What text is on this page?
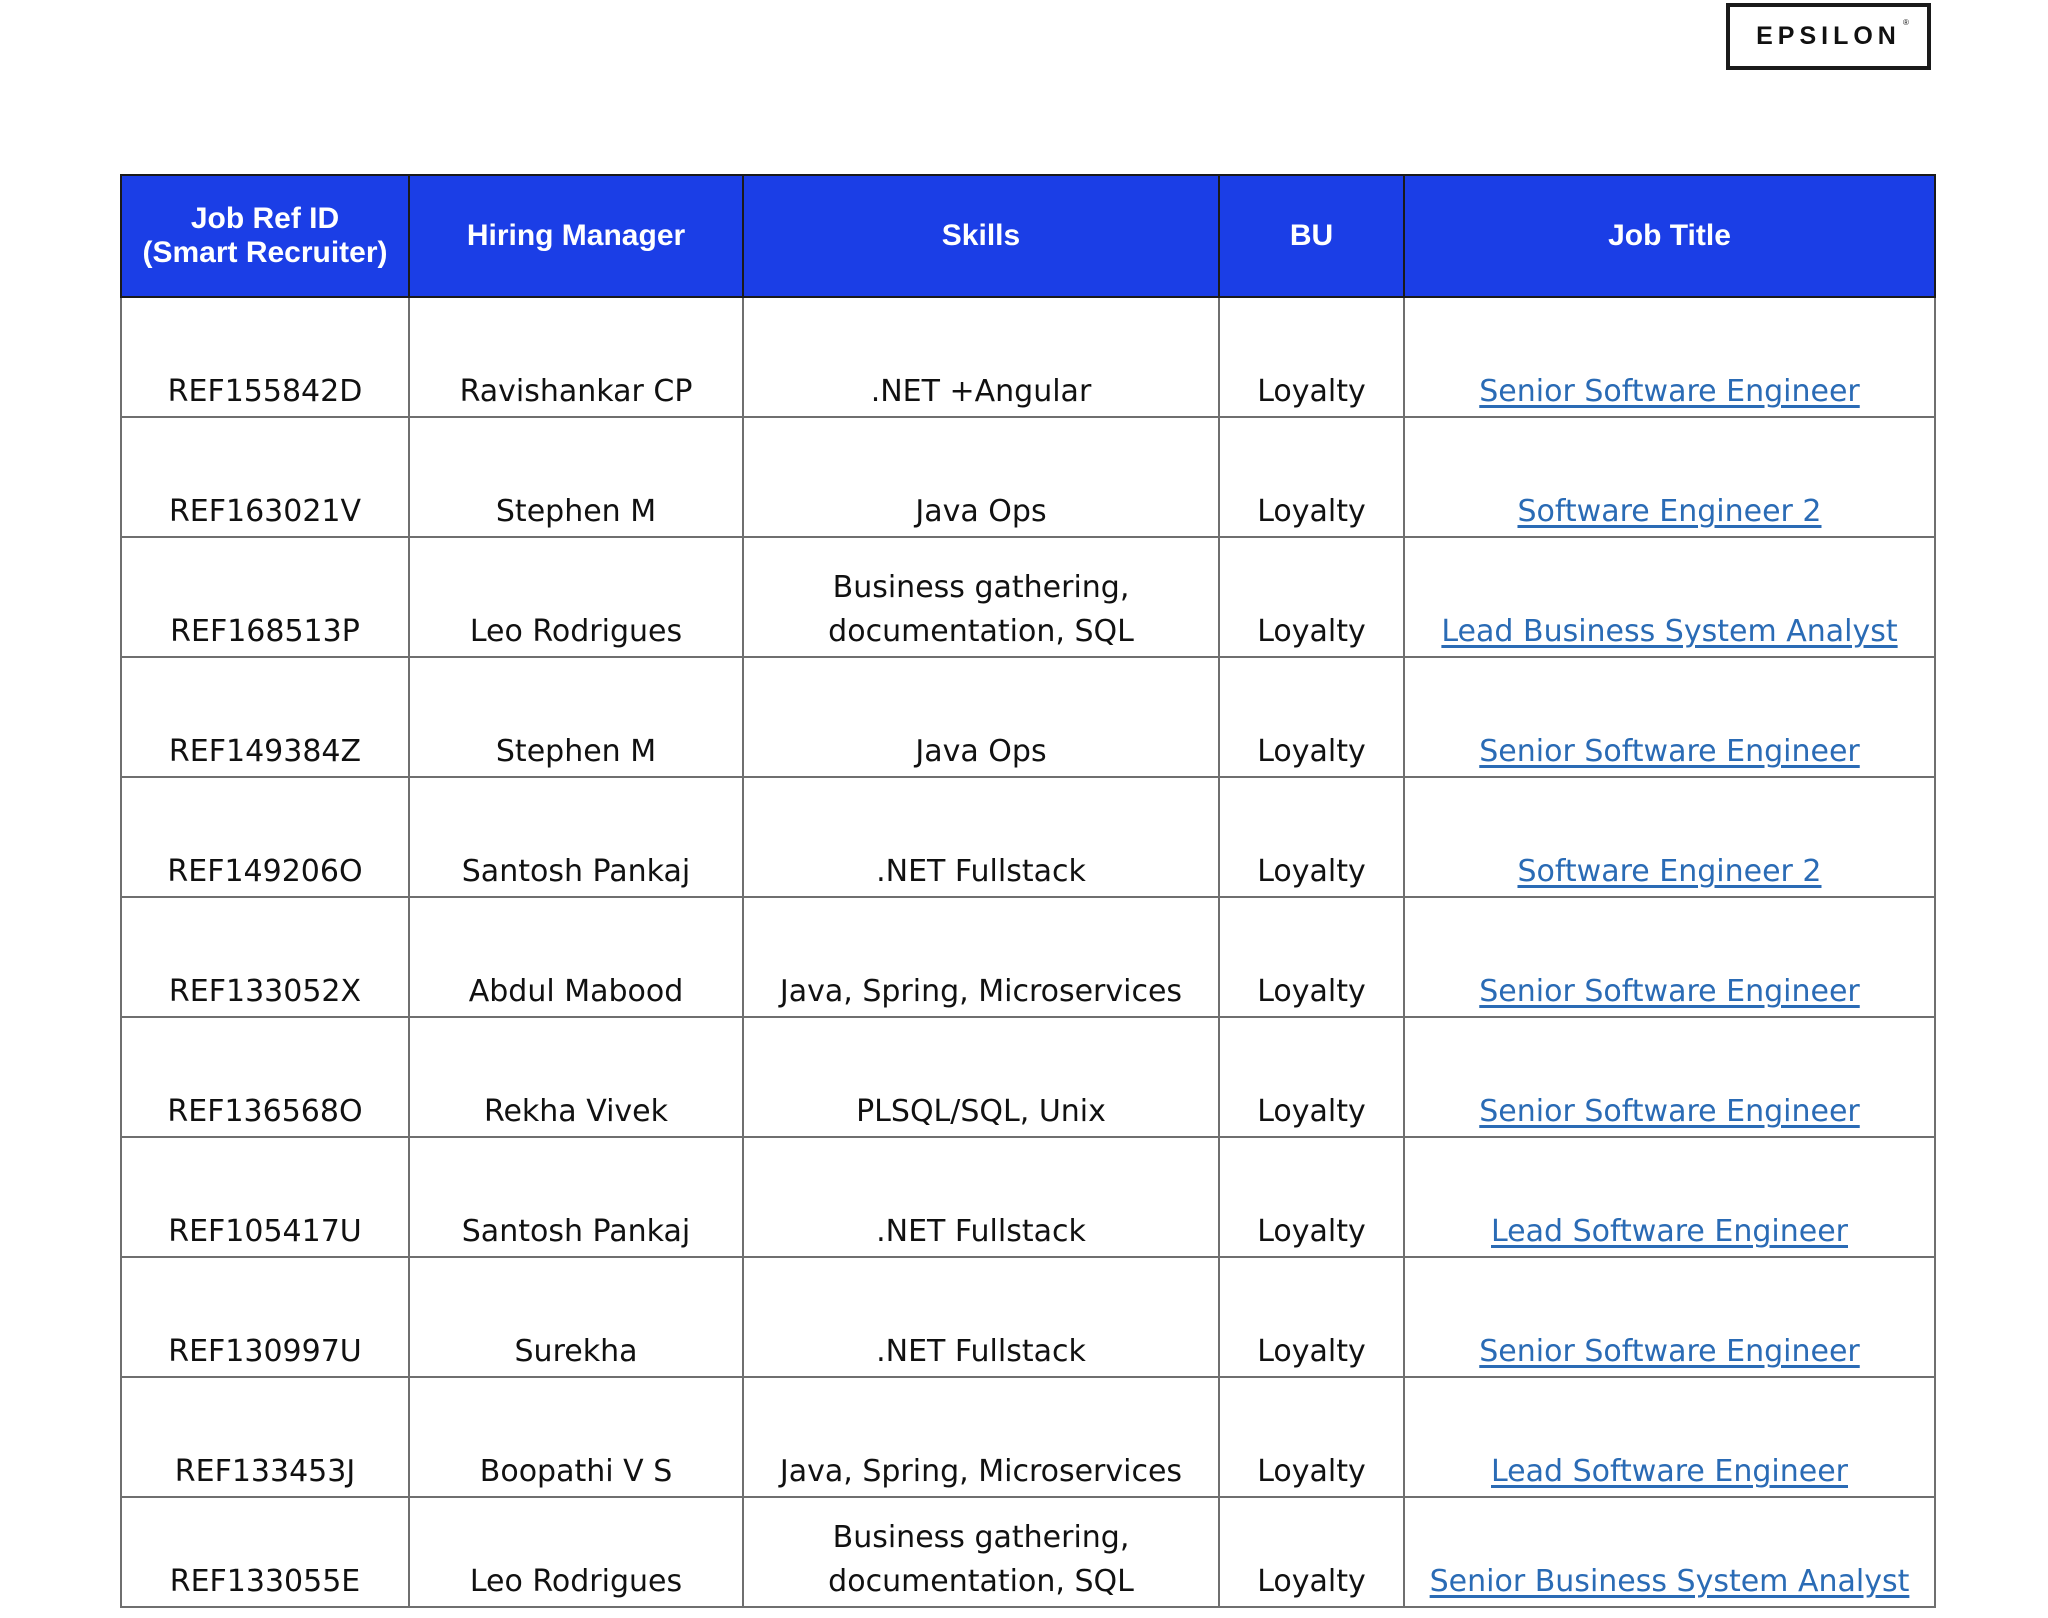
EPSILON ®
Job Ref ID
(Smart Recruiter)	Hiring Manager	Skills	BU	Job Title
REF155842D	Ravishankar CP	.NET +Angular	Loyalty	Senior Software Engineer
REF163021V	Stephen M	Java Ops	Loyalty	Software Engineer 2
REF168513P	Leo Rodrigues	Business gathering, documentation, SQL	Loyalty	Lead Business System Analyst
REF149384Z	Stephen M	Java Ops	Loyalty	Senior Software Engineer
REF149206O	Santosh Pankaj	.NET Fullstack	Loyalty	Software Engineer 2
REF133052X	Abdul Mabood	Java, Spring, Microservices	Loyalty	Senior Software Engineer
REF136568O	Rekha Vivek	PLSQL/SQL, Unix	Loyalty	Senior Software Engineer
REF105417U	Santosh Pankaj	.NET Fullstack	Loyalty	Lead Software Engineer
REF130997U	Surekha	.NET Fullstack	Loyalty	Senior Software Engineer
REF133453J	Boopathi V S	Java, Spring, Microservices	Loyalty	Lead Software Engineer
REF133055E	Leo Rodrigues	Business gathering, documentation, SQL	Loyalty	Senior Business System Analyst
